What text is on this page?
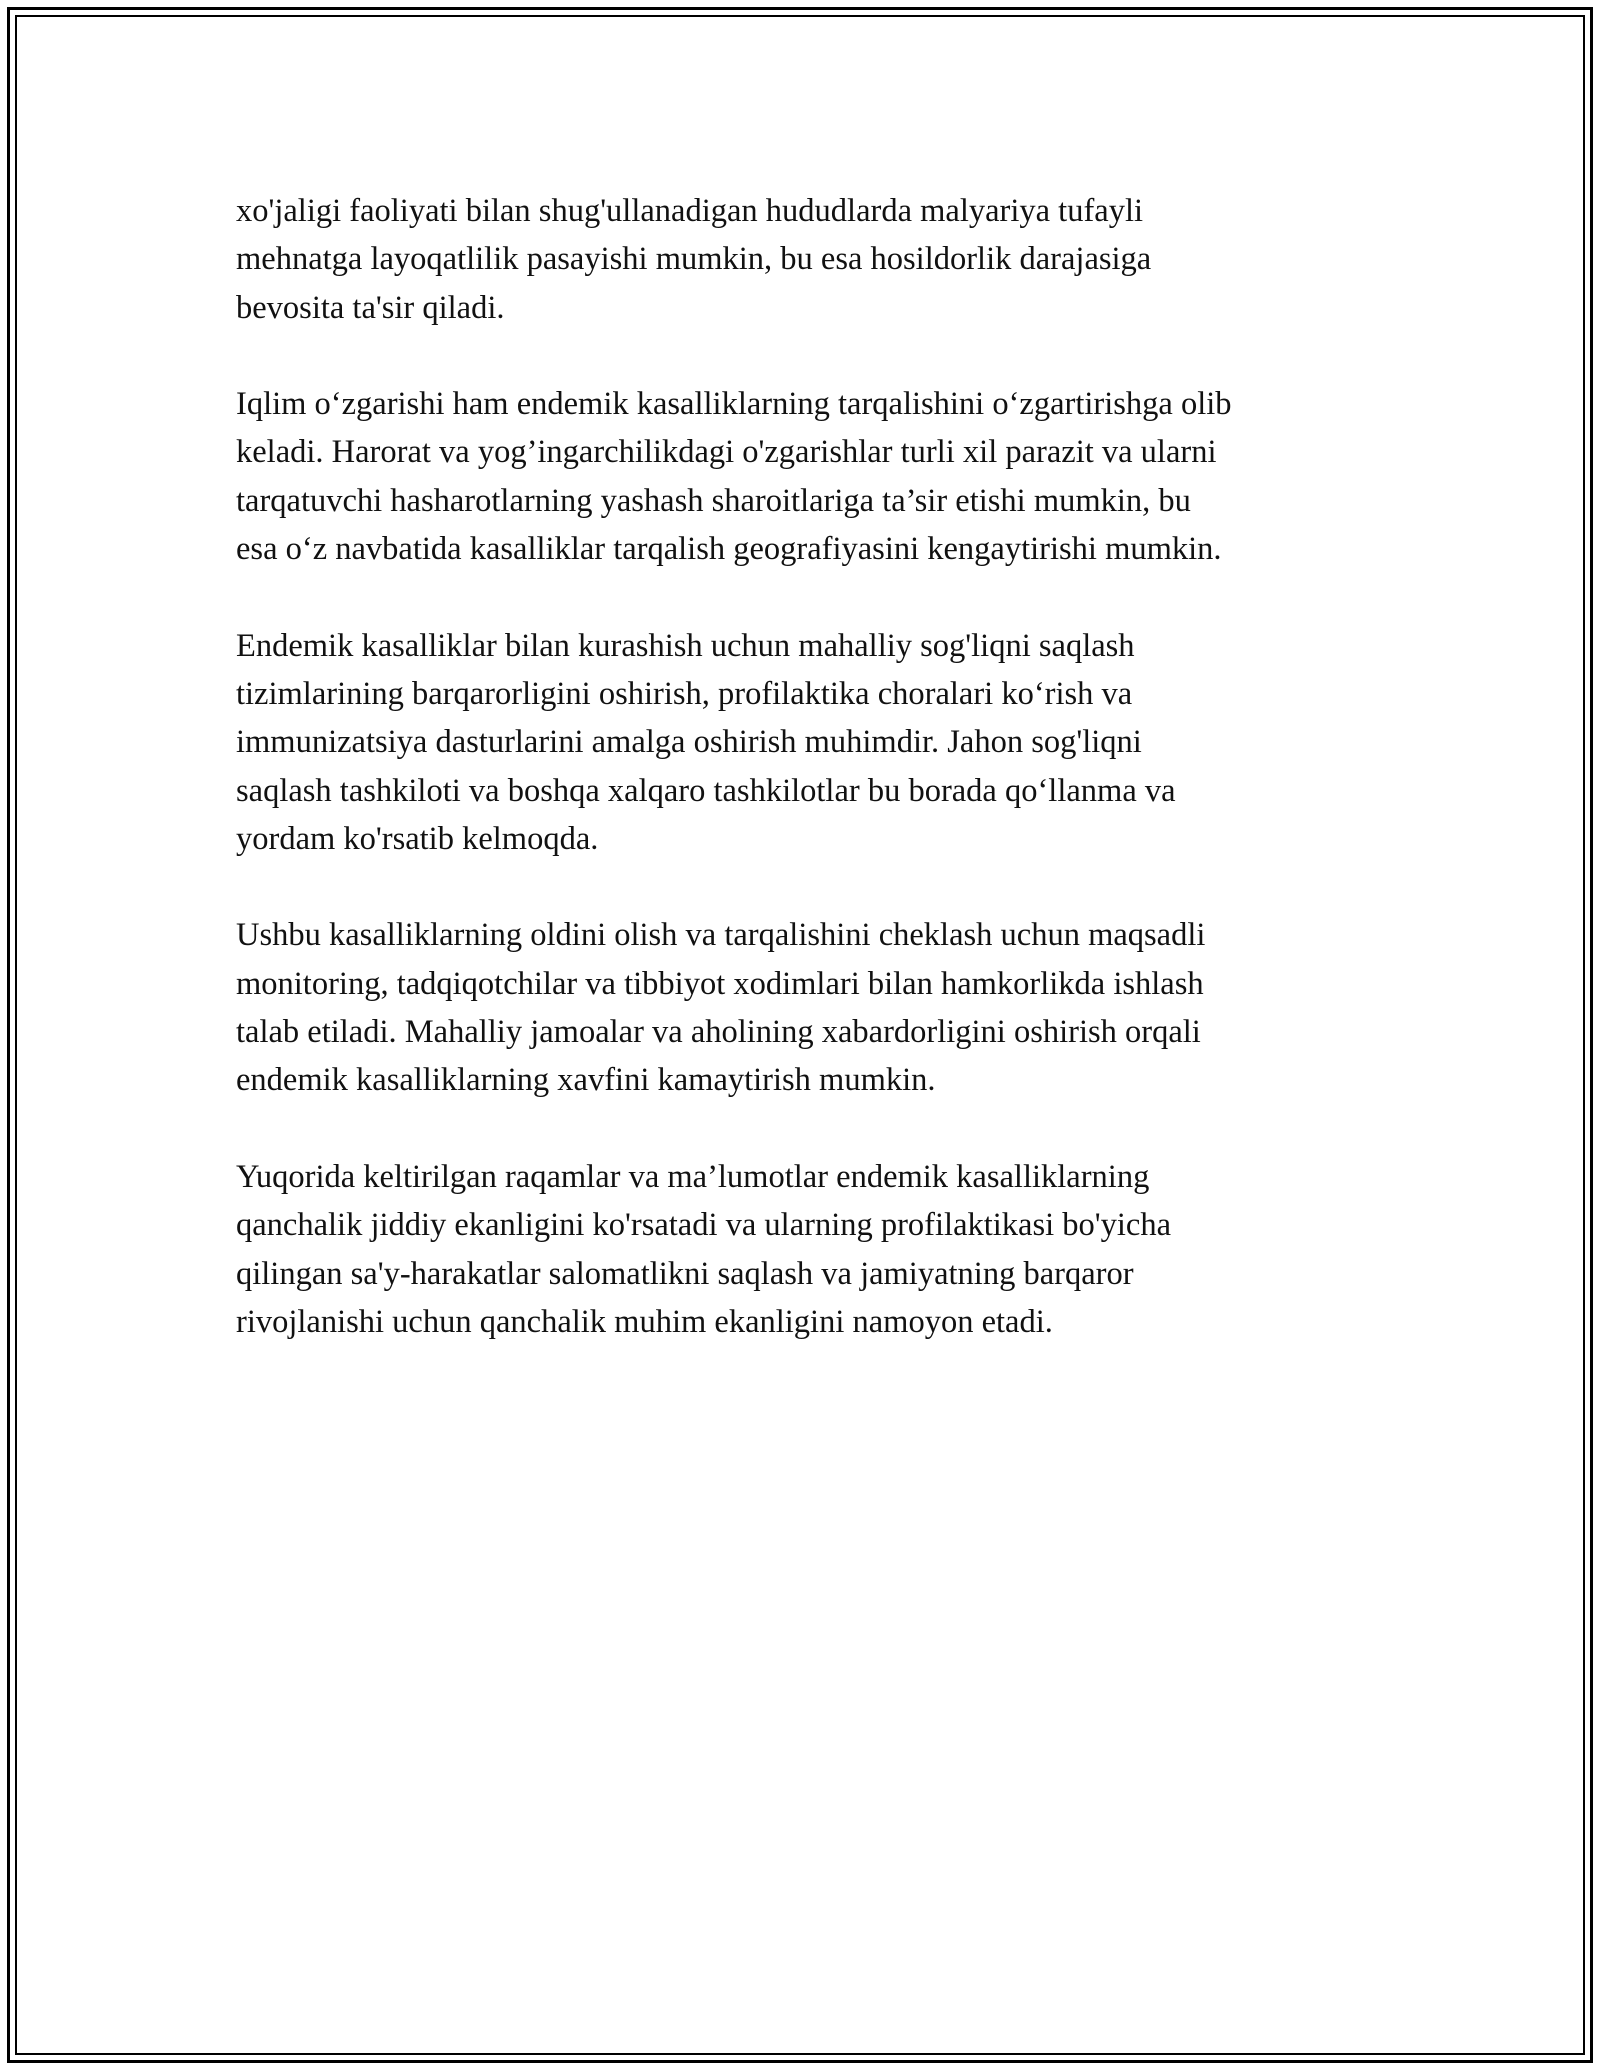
xo'jaligi faoliyati bilan shug'ullanadigan hududlarda malyariya tufayli
mehnatga layoqatlilik pasayishi mumkin, bu esa hosildorlik darajasiga
bevosita ta'sir qiladi.

Iqlim o‘zgarishi ham endemik kasalliklarning tarqalishini o‘zgartirishga olib
keladi. Harorat va yog’ingarchilikdagi o'zgarishlar turli xil parazit va ularni
tarqatuvchi hasharotlarning yashash sharoitlariga ta’sir etishi mumkin, bu
esa o‘z navbatida kasalliklar tarqalish geografiyasini kengaytirishi mumkin.

Endemik kasalliklar bilan kurashish uchun mahalliy sog'liqni saqlash
tizimlarining barqarorligini oshirish, profilaktika choralari ko‘rish va
immunizatsiya dasturlarini amalga oshirish muhimdir. Jahon sog'liqni
saqlash tashkiloti va boshqa xalqaro tashkilotlar bu borada qo‘llanma va
yordam ko'rsatib kelmoqda.

Ushbu kasalliklarning oldini olish va tarqalishini cheklash uchun maqsadli
monitoring, tadqiqotchilar va tibbiyot xodimlari bilan hamkorlikda ishlash
talab etiladi. Mahalliy jamoalar va aholining xabardorligini oshirish orqali
endemik kasalliklarning xavfini kamaytirish mumkin.

Yuqorida keltirilgan raqamlar va ma’lumotlar endemik kasalliklarning
qanchalik jiddiy ekanligini ko'rsatadi va ularning profilaktikasi bo'yicha
qilingan sa'y-harakatlar salomatlikni saqlash va jamiyatning barqaror
rivojlanishi uchun qanchalik muhim ekanligini namoyon etadi.
